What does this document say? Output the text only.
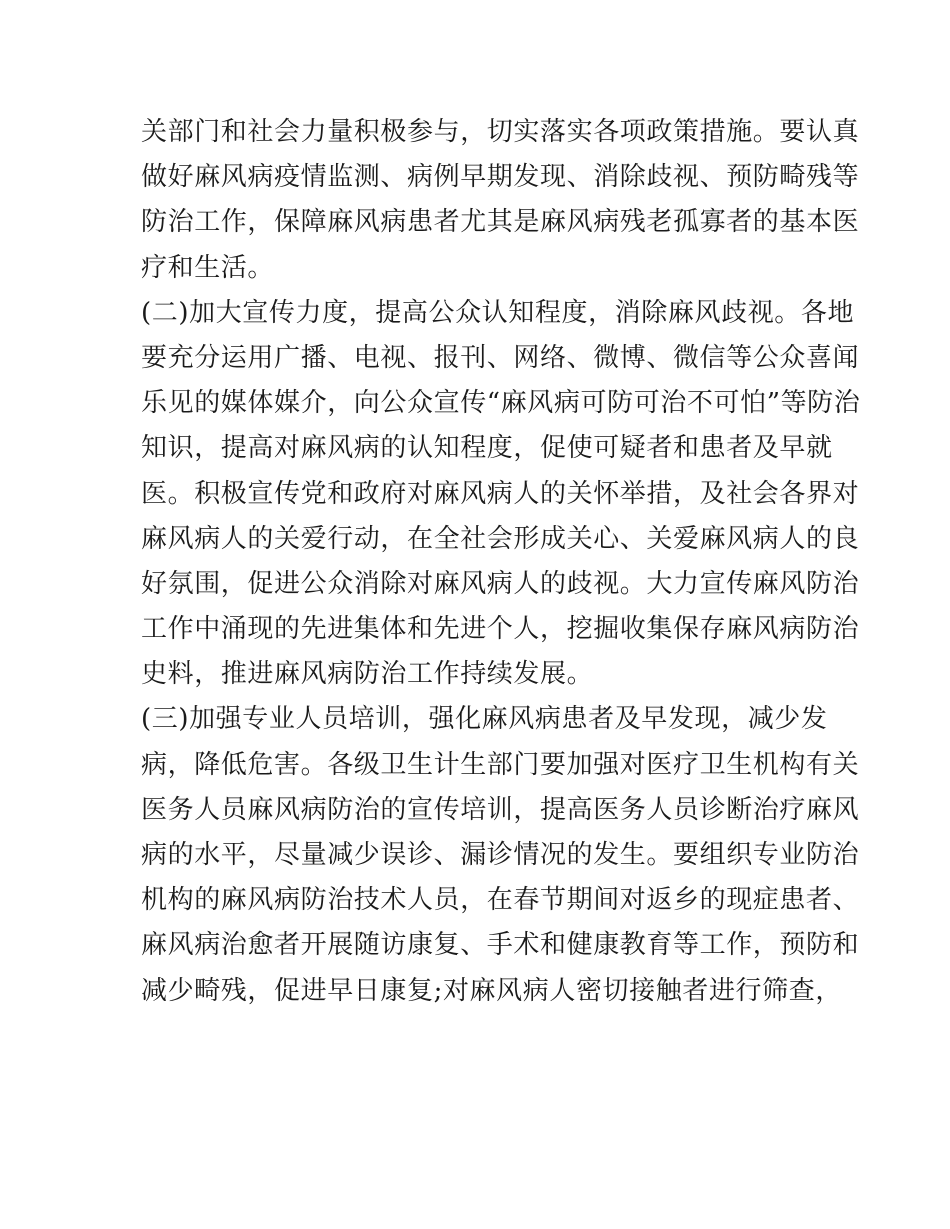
关部门和社会力量积极参与，切实落实各项政策措施。要认真
做好麻风病疫情监测、病例早期发现、消除歧视、预防畸残等
防治工作，保障麻风病患者尤其是麻风病残老孤寡者的基本医
疗和生活。
(二)加大宣传力度，提高公众认知程度，消除麻风歧视。各地
要充分运用广播、电视、报刊、网络、微博、微信等公众喜闻
乐见的媒体媒介，向公众宣传“麻风病可防可治不可怕”等防治
知识，提高对麻风病的认知程度，促使可疑者和患者及早就
医。积极宣传党和政府对麻风病人的关怀举措，及社会各界对
麻风病人的关爱行动，在全社会形成关心、关爱麻风病人的良
好氛围，促进公众消除对麻风病人的歧视。大力宣传麻风防治
工作中涌现的先进集体和先进个人，挖掘收集保存麻风病防治
史料，推进麻风病防治工作持续发展。
(三)加强专业人员培训，强化麻风病患者及早发现，减少发
病，降低危害。各级卫生计生部门要加强对医疗卫生机构有关
医务人员麻风病防治的宣传培训，提高医务人员诊断治疗麻风
病的水平，尽量减少误诊、漏诊情况的发生。要组织专业防治
机构的麻风病防治技术人员，在春节期间对返乡的现症患者、
麻风病治愈者开展随访康复、手术和健康教育等工作，预防和
减少畸残，促进早日康复;对麻风病人密切接触者进行筛查，
